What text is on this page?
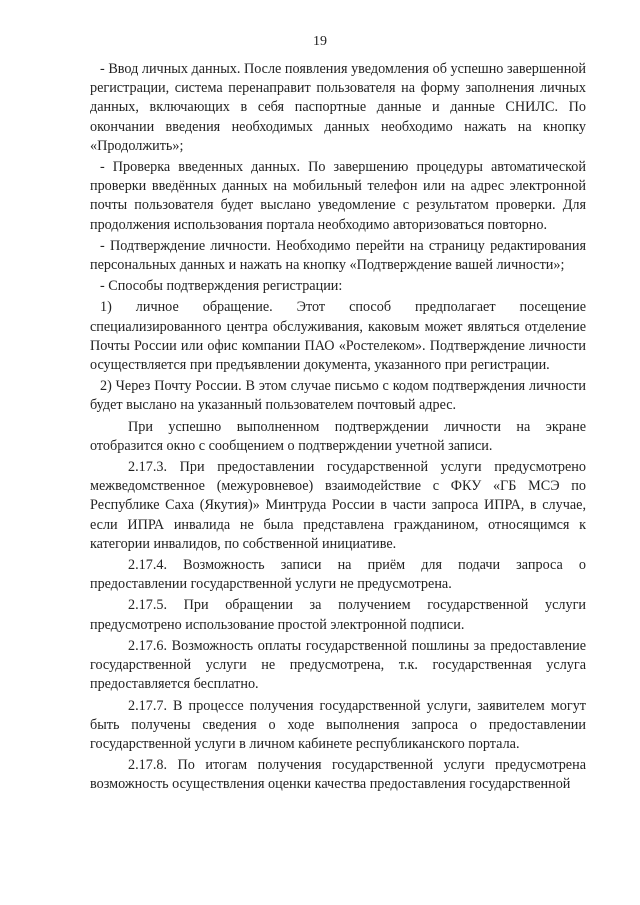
19

- Ввод личных данных. После появления уведомления об успешно завершенной регистрации, система перенаправит пользователя на форму заполнения личных данных, включающих в себя паспортные данные и данные СНИЛС. По окончании введения необходимых данных необходимо нажать на кнопку «Продолжить»;

- Проверка введенных данных. По завершению процедуры автоматической проверки введённых данных на мобильный телефон или на адрес электронной почты пользователя будет выслано уведомление с результатом проверки. Для продолжения использования портала необходимо авторизоваться повторно.

- Подтверждение личности. Необходимо перейти на страницу редактирования персональных данных и нажать на кнопку «Подтверждение вашей личности»;

- Способы подтверждения регистрации:

1) личное обращение. Этот способ предполагает посещение специализированного центра обслуживания, каковым может являться отделение Почты России или офис компании ПАО «Ростелеком». Подтверждение личности осуществляется при предъявлении документа, указанного при регистрации.

2) Через Почту России. В этом случае письмо с кодом подтверждения личности будет выслано на указанный пользователем почтовый адрес.

При успешно выполненном подтверждении личности на экране отобразится окно с сообщением о подтверждении учетной записи.

2.17.3. При предоставлении государственной услуги предусмотрено межведомственное (межуровневое) взаимодействие с ФКУ «ГБ МСЭ по Республике Саха (Якутия)» Минтруда России в части запроса ИПРА, в случае, если ИПРА инвалида не была представлена гражданином, относящимся к категории инвалидов, по собственной инициативе.

2.17.4. Возможность записи на приём для подачи запроса о предоставлении государственной услуги не предусмотрена.

2.17.5. При обращении за получением государственной услуги предусмотрено использование простой электронной подписи.

2.17.6. Возможность оплаты государственной пошлины за предоставление государственной услуги не предусмотрена, т.к. государственная услуга предоставляется бесплатно.

2.17.7. В процессе получения государственной услуги, заявителем могут быть получены сведения о ходе выполнения запроса о предоставлении государственной услуги в личном кабинете республиканского портала.

2.17.8. По итогам получения государственной услуги предусмотрена возможность осуществления оценки качества предоставления государственной
